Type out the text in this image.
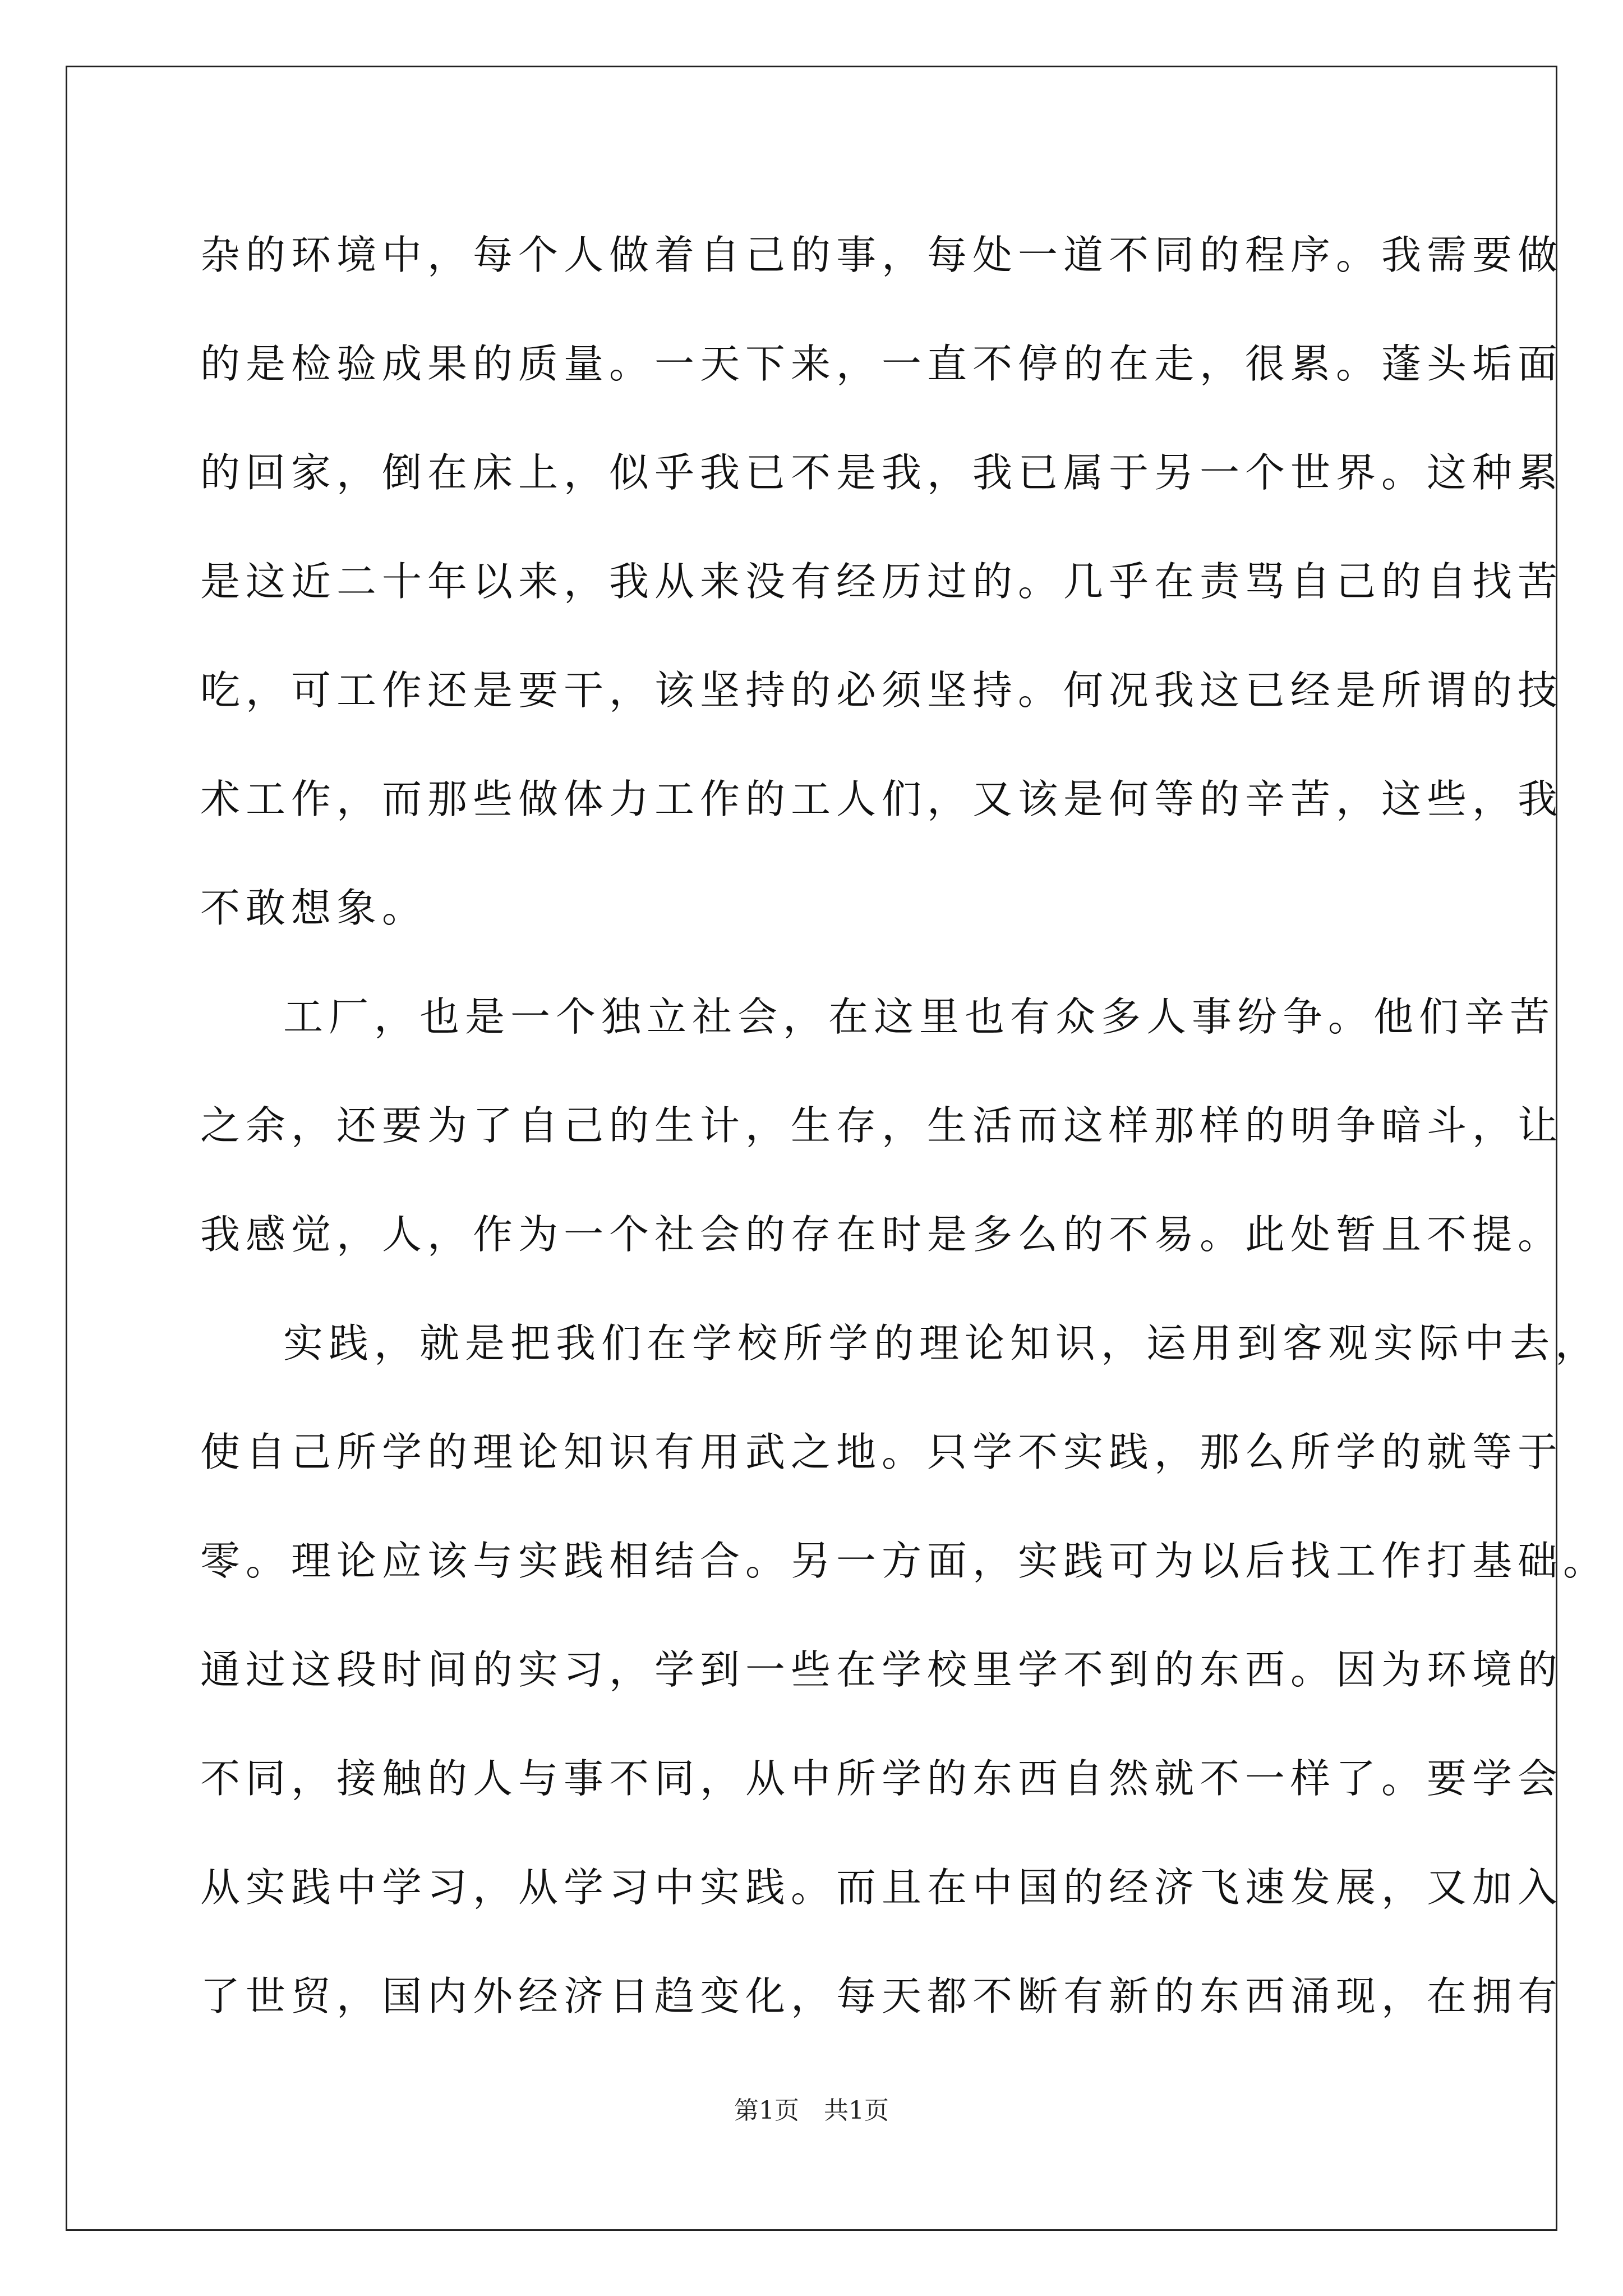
杂的环境中，每个人做着自己的事，每处一道不同的程序。我需要做
的是检验成果的质量。一天下来，一直不停的在走，很累。蓬头垢面
的回家，倒在床上，似乎我已不是我，我已属于另一个世界。这种累
是这近二十年以来，我从来没有经历过的。几乎在责骂自己的自找苦
吃，可工作还是要干，该坚持的必须坚持。何况我这已经是所谓的技
术工作，而那些做体力工作的工人们，又该是何等的辛苦，这些，我
不敢想象。
工厂，也是一个独立社会，在这里也有众多人事纷争。他们辛苦
之余，还要为了自己的生计，生存，生活而这样那样的明争暗斗，让
我感觉，人，作为一个社会的存在时是多么的不易。此处暂且不提。
实践，就是把我们在学校所学的理论知识，运用到客观实际中去，
使自己所学的理论知识有用武之地。只学不实践，那么所学的就等于
零。理论应该与实践相结合。另一方面，实践可为以后找工作打基础。
通过这段时间的实习，学到一些在学校里学不到的东西。因为环境的
不同，接触的人与事不同，从中所学的东西自然就不一样了。要学会
从实践中学习，从学习中实践。而且在中国的经济飞速发展，又加入
了世贸，国内外经济日趋变化，每天都不断有新的东西涌现，在拥有
第1页　共1页
